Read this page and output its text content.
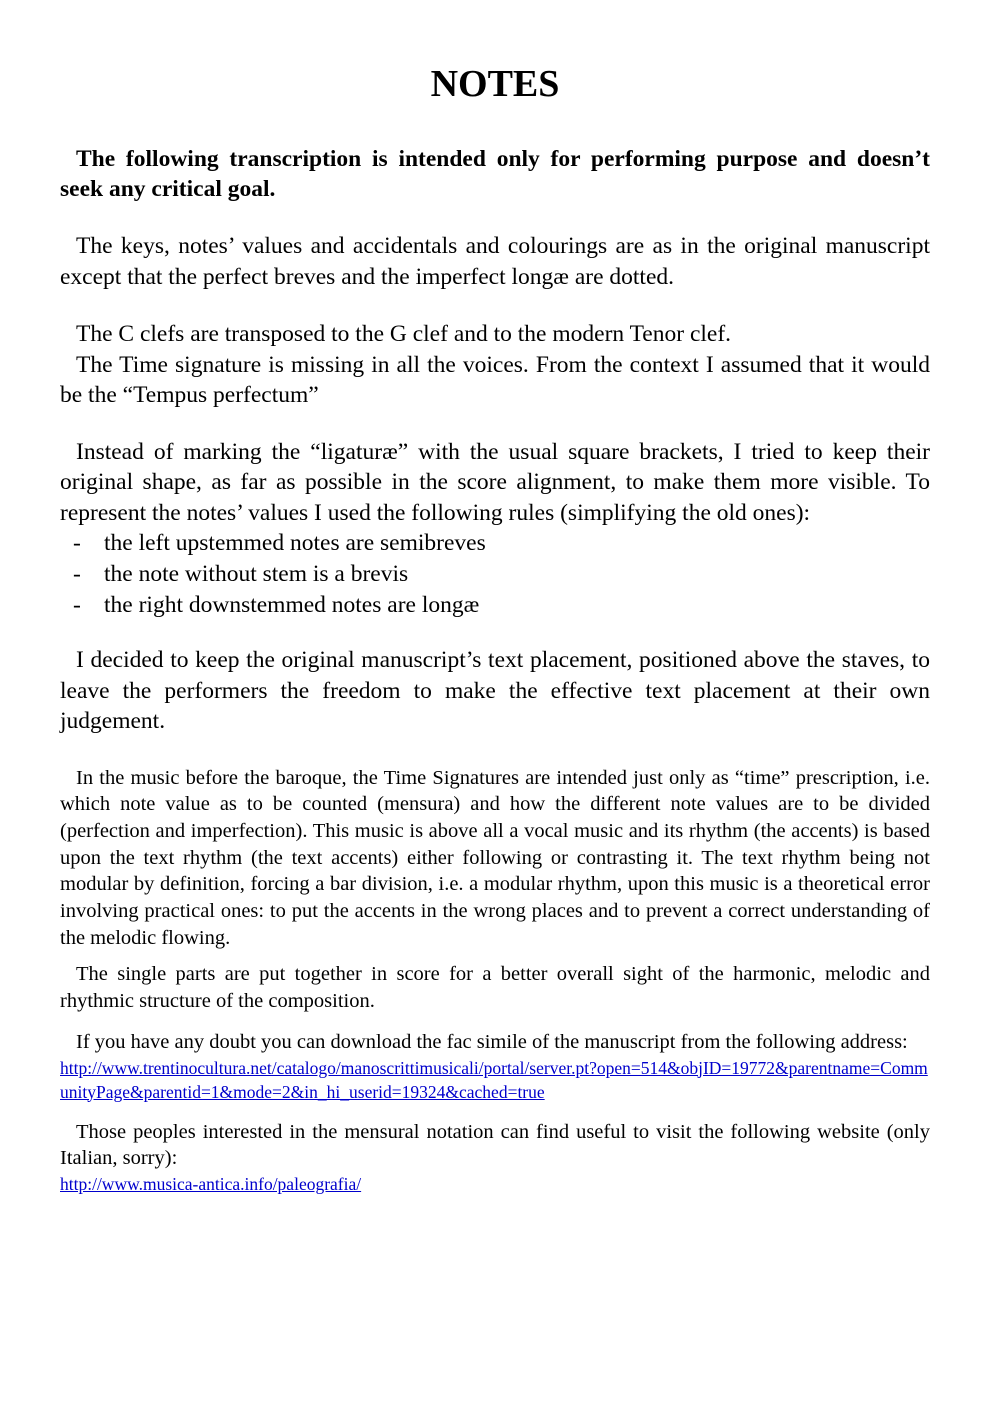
NOTES

The following transcription is intended only for performing purpose and doesn’t seek any critical goal.

The keys, notes’ values and accidentals and colourings are as in the original manuscript except that the perfect breves and the imperfect longæ are dotted.

The C clefs are transposed to the G clef and to the modern Tenor clef.

The Time signature is missing in all the voices. From the context I assumed that it would be the “Tempus perfectum”

Instead of marking the “ligaturæ” with the usual square brackets, I tried to keep their original shape, as far as possible in the score alignment, to make them more visible. To represent the notes’ values I used the following rules (simplifying the old ones):

- the left upstemmed notes are semibreves
- the note without stem is a brevis
- the right downstemmed notes are longæ

I decided to keep the original manuscript’s text placement, positioned above the staves, to leave the performers the freedom to make the effective text placement at their own judgement.

In the music before the baroque, the Time Signatures are intended just only as “time” prescription, i.e. which note value as to be counted (mensura) and how the different note values are to be divided (perfection and imperfection). This music is above all a vocal music and its rhythm (the accents) is based upon the text rhythm (the text accents) either following or contrasting it. The text rhythm being not modular by definition, forcing a bar division, i.e. a modular rhythm, upon this music is a theoretical error involving practical ones: to put the accents in the wrong places and to prevent a correct understanding of the melodic flowing.

The single parts are put together in score for a better overall sight of the harmonic, melodic and rhythmic structure of the composition.

If you have any doubt you can download the fac simile of the manuscript from the following address:

http://www.trentinocultura.net/catalogo/manoscrittimusicali/portal/server.pt?open=514&objID=19772&parentname=CommunityPage&parentid=1&mode=2&in_hi_userid=19324&cached=true

Those peoples interested in the mensural notation can find useful to visit the following website (only Italian, sorry):

http://www.musica-antica.info/paleografia/
